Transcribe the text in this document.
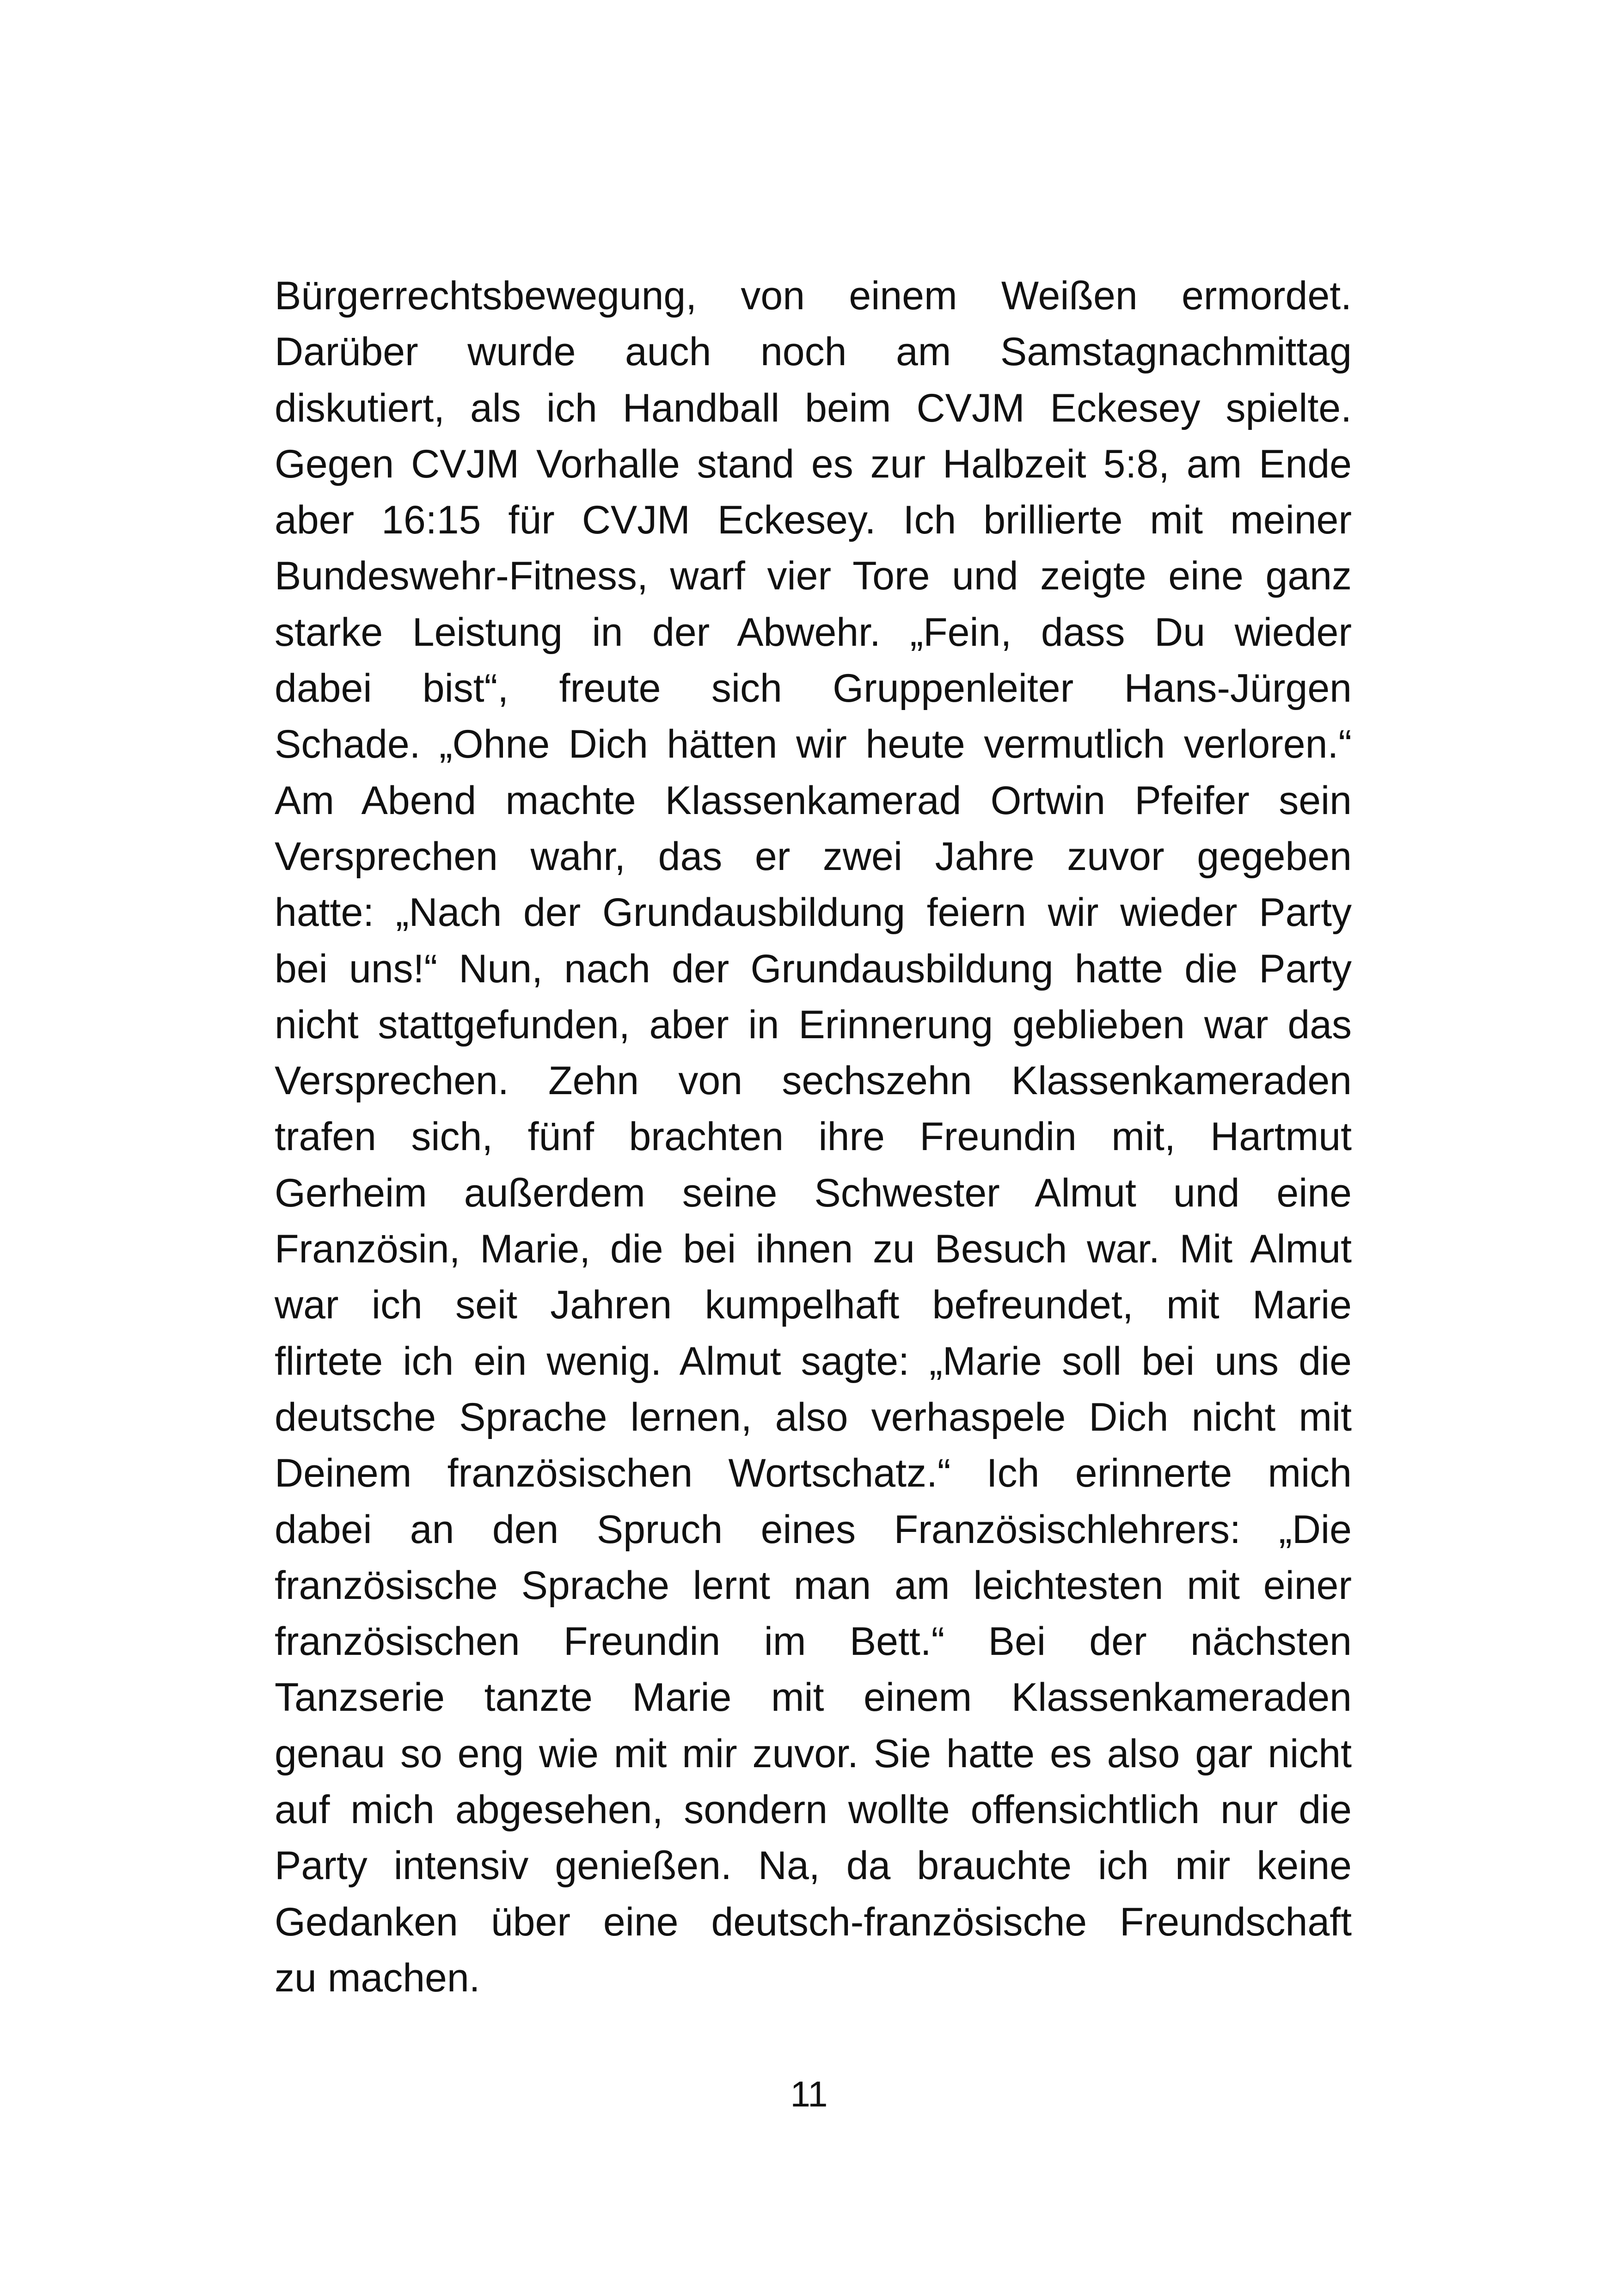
Bürgerrechtsbewegung, von einem Weißen ermordet.
Darüber wurde auch noch am Samstagnachmittag
diskutiert, als ich Handball beim CVJM Eckesey spielte.
Gegen CVJM Vorhalle stand es zur Halbzeit 5:8, am Ende
aber 16:15 für CVJM Eckesey. Ich brillierte mit meiner
Bundeswehr-Fitness, warf vier Tore und zeigte eine ganz
starke Leistung in der Abwehr. „Fein, dass Du wieder
dabei bist“, freute sich Gruppenleiter Hans-Jürgen
Schade. „Ohne Dich hätten wir heute vermutlich verloren.“
Am Abend machte Klassenkamerad Ortwin Pfeifer sein
Versprechen wahr, das er zwei Jahre zuvor gegeben
hatte: „Nach der Grundausbildung feiern wir wieder Party
bei uns!“ Nun, nach der Grundausbildung hatte die Party
nicht stattgefunden, aber in Erinnerung geblieben war das
Versprechen. Zehn von sechszehn Klassenkameraden
trafen sich, fünf brachten ihre Freundin mit, Hartmut
Gerheim außerdem seine Schwester Almut und eine
Französin, Marie, die bei ihnen zu Besuch war. Mit Almut
war ich seit Jahren kumpelhaft befreundet, mit Marie
flirtete ich ein wenig. Almut sagte: „Marie soll bei uns die
deutsche Sprache lernen, also verhaspele Dich nicht mit
Deinem französischen Wortschatz.“ Ich erinnerte mich
dabei an den Spruch eines Französischlehrers: „Die
französische Sprache lernt man am leichtesten mit einer
französischen Freundin im Bett.“ Bei der nächsten
Tanzserie tanzte Marie mit einem Klassenkameraden
genau so eng wie mit mir zuvor. Sie hatte es also gar nicht
auf mich abgesehen, sondern wollte offensichtlich nur die
Party intensiv genießen. Na, da brauchte ich mir keine
Gedanken über eine deutsch-französische Freundschaft
zu machen.
11
